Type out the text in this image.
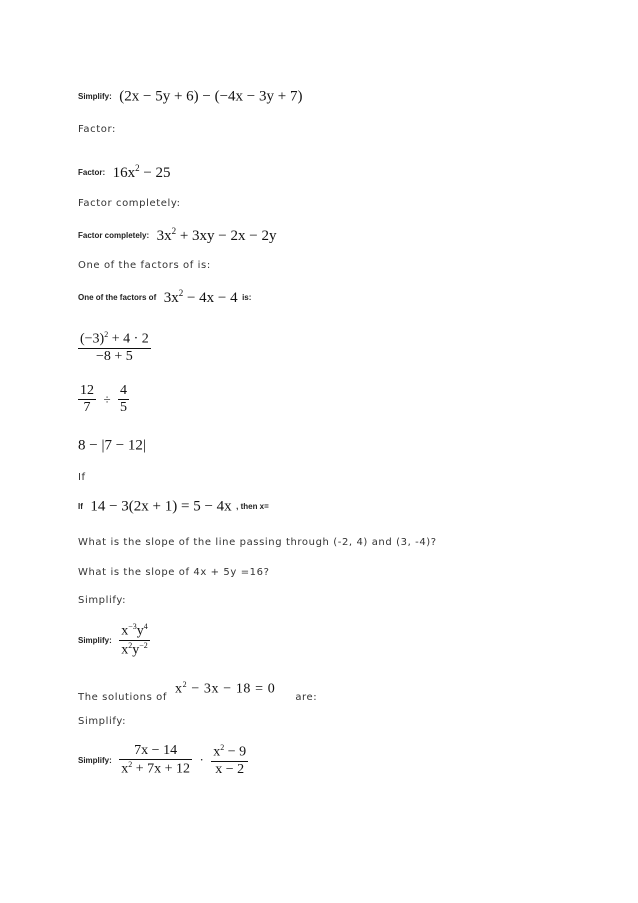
Simplify: (2x − 5y + 6) − (−4x − 3y + 7)
Factor:
Factor: $16x^2 - 25$
Factor completely:
Factor completely: $3x^2 + 3xy - 2x - 2y$
One of the factors of is:
One of the factors of $3x^2 - 4x - 4$ is:
$\frac{(-3)^2 + 4 \cdot 2}{-8 + 5}$
$\frac{12}{7} \div \frac{4}{5}$
8 − |7 − 12|
If
If 14 − 3(2x + 1) = 5 − 4x , then x=
What is the slope of the line passing through (-2, 4) and (3, -4)?
What is the slope of 4x + 5y =16?
Simplify:
Simplify: $\frac{x^{-3}y^4}{x^2y^{-2}}$
The solutions ofx$^2$ − 3x − 18 = 0are:
Simplify:
Simplify: $\frac{7x - 14}{x^2 + 7x + 12} \cdot \frac{x^2 - 9}{x - 2}$
